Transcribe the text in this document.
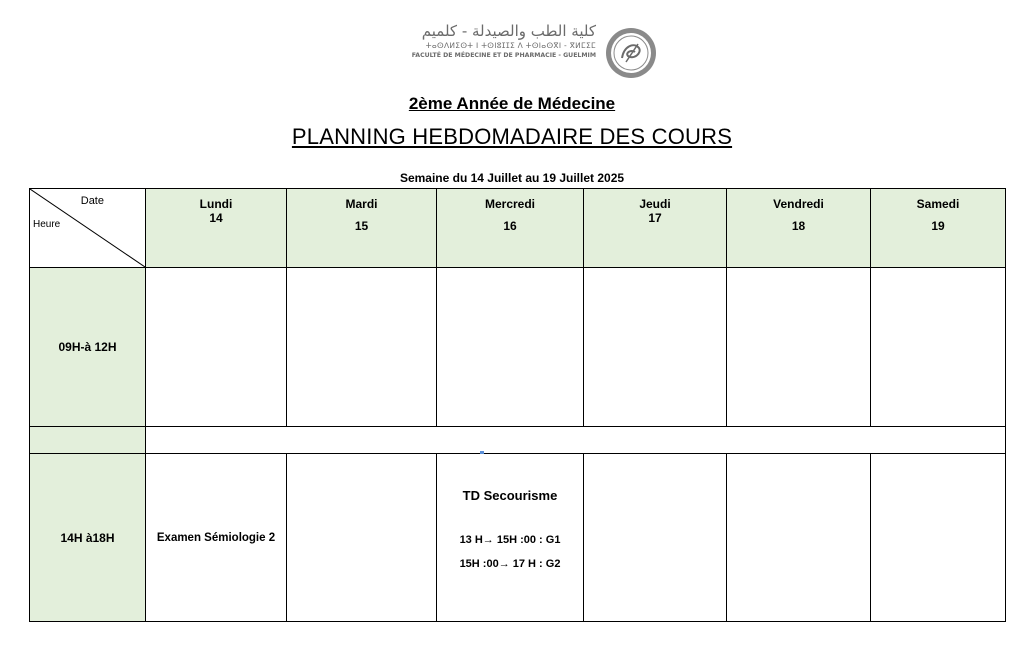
كلية الطب والصيدلة - كلميم
ⵜⴰⵙⴷⵍⵉⵙⵜ ⵏ ⵜⵙⵏⵓⵊⵊⵉ ⴷ ⵜⵙⵏⴰⵙⴳⵏ - ⴳⵍⵎⵉⵎ
FACULTÉ DE MÉDECINE ET DE PHARMACIE - GUELMIM
2ème Année de Médecine
PLANNING HEBDOMADAIRE DES COURS
Semaine du 14 Juillet au 19 Juillet 2025
Date
Heure
Lundi
14
Mardi
15
Mercredi
16
Jeudi
17
Vendredi
18
Samedi
19
09H-à 12H
14H à18H	Examen Sémiologie 2
TD Secourisme
13 H→ 15H :00 : G1
15H :00→ 17 H : G2
